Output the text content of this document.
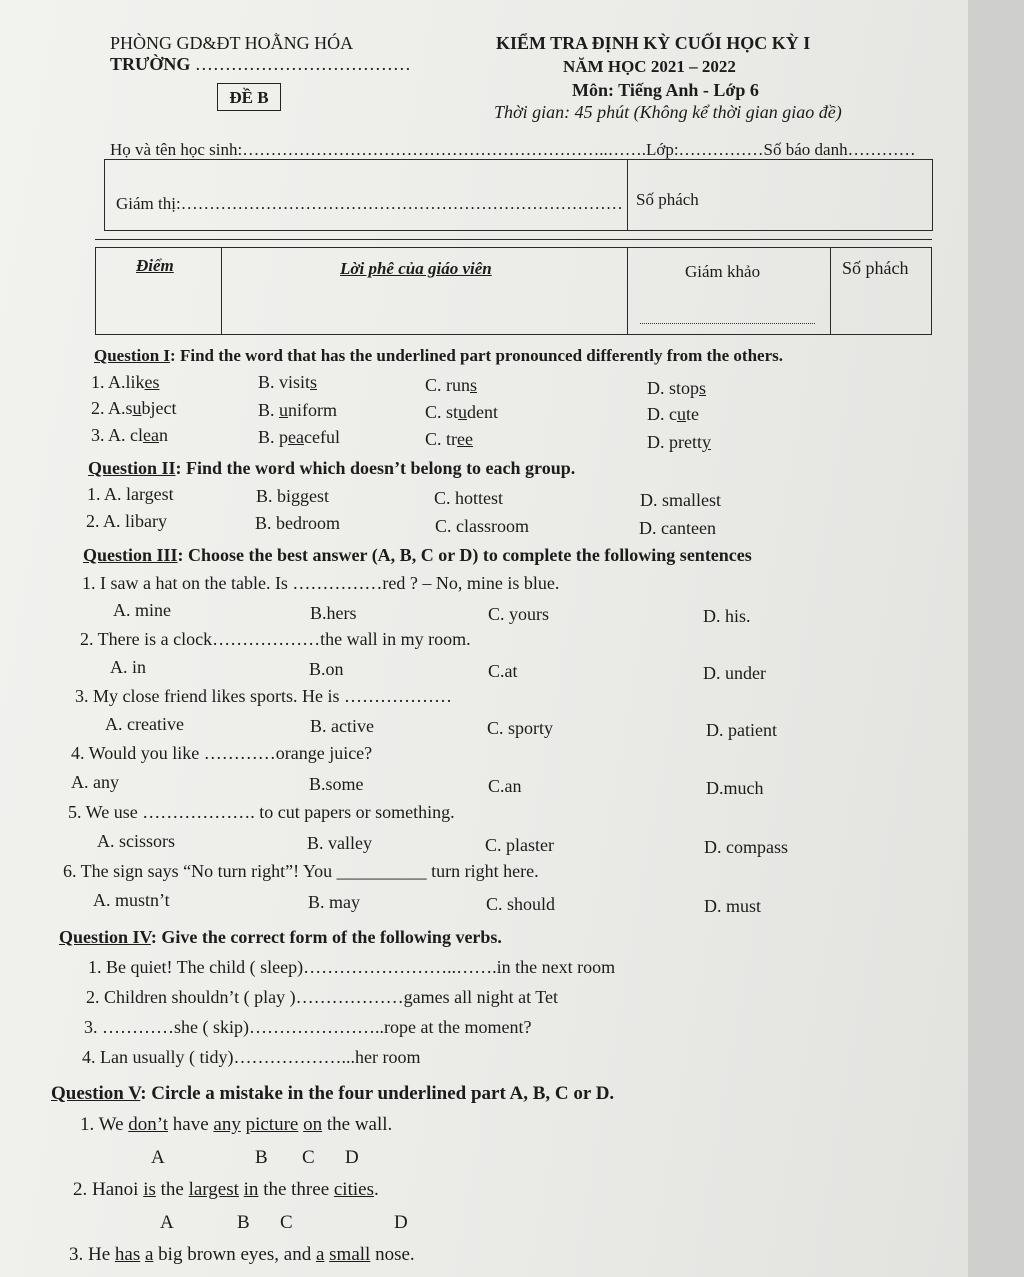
PHÒNG GD&ĐT HOẰNG HÓA
TRƯỜNG ………………………………
ĐỀ B
KIỂM TRA ĐỊNH KỲ CUỐI HỌC KỲ I
NĂM HỌC 2021 – 2022
Môn: Tiếng Anh - Lớp 6
Thời gian: 45 phút (Không kể thời gian giao đề)
Họ và tên học sinh:………………………………………………………..…….Lớp:……………Số báo danh…………
Giám thị:…………………………………………………………………… Số phách
Điểm	Lời phê của giáo viên	Giám khảo	Số phách
Question I: Find the word that has the underlined part pronounced differently from the others.
1. A.likes	B. visits	C. runs	D. stops
2. A.subject	B. uniform	C. student	D. cute
3. A. clean	B. peaceful	C. tree	D. pretty
Question II: Find the word which doesn’t belong to each group.
1. A. largest	B. biggest	C. hottest	D. smallest
2. A. libary	B. bedroom	C. classroom	D. canteen
Question III: Choose the best answer (A, B, C or D) to complete the following sentences
1. I saw a hat on the table. Is ……………red ? – No, mine is blue.
A. mine	B.hers	C. yours	D. his.
2. There is a clock………………the wall in my room.
A. in	B.on	C.at	D. under
3. My close friend likes sports. He is ………………
A. creative	B. active	C. sporty	D. patient
4. Would you like …………orange juice?
A. any	B.some	C.an	D.much
5. We use ………………. to cut papers or something.
A. scissors	B. valley	C. plaster	D. compass
6. The sign says “No turn right”! You __________ turn right here.
A. mustn’t	B. may	C. should	D. must
Question IV: Give the correct form of the following verbs.
1. Be quiet! The child ( sleep)……………………..…….in the next room
2. Children shouldn’t ( play )………………games all night at Tet
3. …………she ( skip)…………………..rope at the moment?
4. Lan usually ( tidy)………………...her room
Question V: Circle a mistake in the four underlined part A, B, C or D.
1. We don’t have any picture on the wall.
A	B C D
2. Hanoi is the largest in the three cities.
A	B C	D
3. He has a big brown eyes, and a small nose.
